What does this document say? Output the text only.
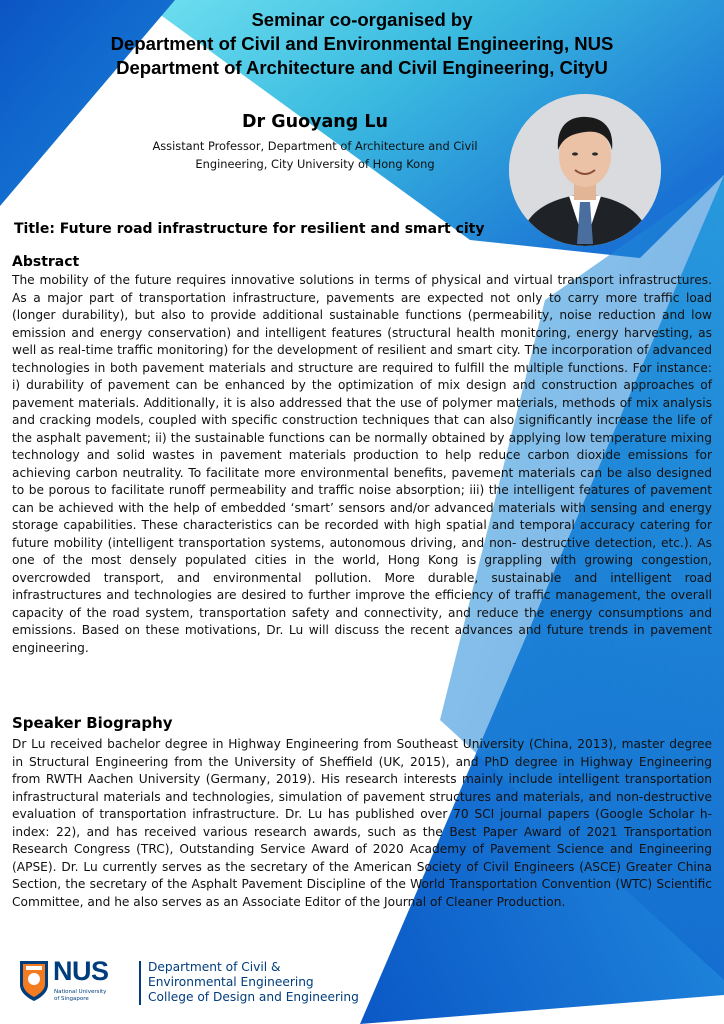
Seminar co-organised by
Department of Civil and Environmental Engineering, NUS
Department of Architecture and Civil Engineering, CityU
Dr Guoyang Lu
Assistant Professor, Department of Architecture and Civil
Engineering, City University of Hong Kong
Title: Future road infrastructure for resilient and smart city
Abstract

The mobility of the future requires innovative solutions in terms of physical and virtual transport infrastructures. As a major part of transportation infrastructure, pavements are expected not only to carry more traffic load (longer durability), but also to provide additional sustainable functions (permeability, noise reduction and low emission and energy conservation) and intelligent features (structural health monitoring, energy harvesting, as well as real-time traffic monitoring) for the development of resilient and smart city. The incorporation of advanced technologies in both pavement materials and structure are required to fulfill the multiple functions. For instance: i) durability of pavement can be enhanced by the optimization of mix design and construction approaches of pavement materials. Additionally, it is also addressed that the use of polymer materials, methods of mix analysis and cracking models, coupled with specific construction techniques that can also significantly increase the life of the asphalt pavement; ii) the sustainable functions can be normally obtained by applying low temperature mixing technology and solid wastes in pavement materials production to help reduce carbon dioxide emissions for achieving carbon neutrality. To facilitate more environmental benefits, pavement materials can be also designed to be porous to facilitate runoff permeability and traffic noise absorption; iii) the intelligent features of pavement can be achieved with the help of embedded ‘smart’ sensors and/or advanced materials with sensing and energy storage capabilities. These characteristics can be recorded with high spatial and temporal accuracy catering for future mobility (intelligent transportation systems, autonomous driving, and non- destructive detection, etc.). As one of the most densely populated cities in the world, Hong Kong is grappling with growing congestion, overcrowded transport, and environmental pollution. More durable, sustainable and intelligent road infrastructures and technologies are desired to further improve the efficiency of traffic management, the overall capacity of the road system, transportation safety and connectivity, and reduce the energy consumptions and emissions. Based on these motivations, Dr. Lu will discuss the recent advances and future trends in pavement engineering.

Speaker Biography

Dr Lu received bachelor degree in Highway Engineering from Southeast University (China, 2013), master degree in Structural Engineering from the University of Sheffield (UK, 2015), and PhD degree in Highway Engineering from RWTH Aachen University (Germany, 2019). His research interests mainly include intelligent transportation infrastructural materials and technologies, simulation of pavement structures and materials, and non-destructive evaluation of transportation infrastructure. Dr. Lu has published over 70 SCI journal papers (Google Scholar h-index: 22), and has received various research awards, such as the Best Paper Award of 2021 Transportation Research Congress (TRC), Outstanding Service Award of 2020 Academy of Pavement Science and Engineering (APSE). Dr. Lu currently serves as the secretary of the American Society of Civil Engineers (ASCE) Greater China Section, the secretary of the Asphalt Pavement Discipline of the World Transportation Convention (WTC) Scientific Committee, and he also serves as an Associate Editor of the Journal of Cleaner Production.

NUS
National University
of Singapore
Department of Civil &
Environmental Engineering
College of Design and Engineering
